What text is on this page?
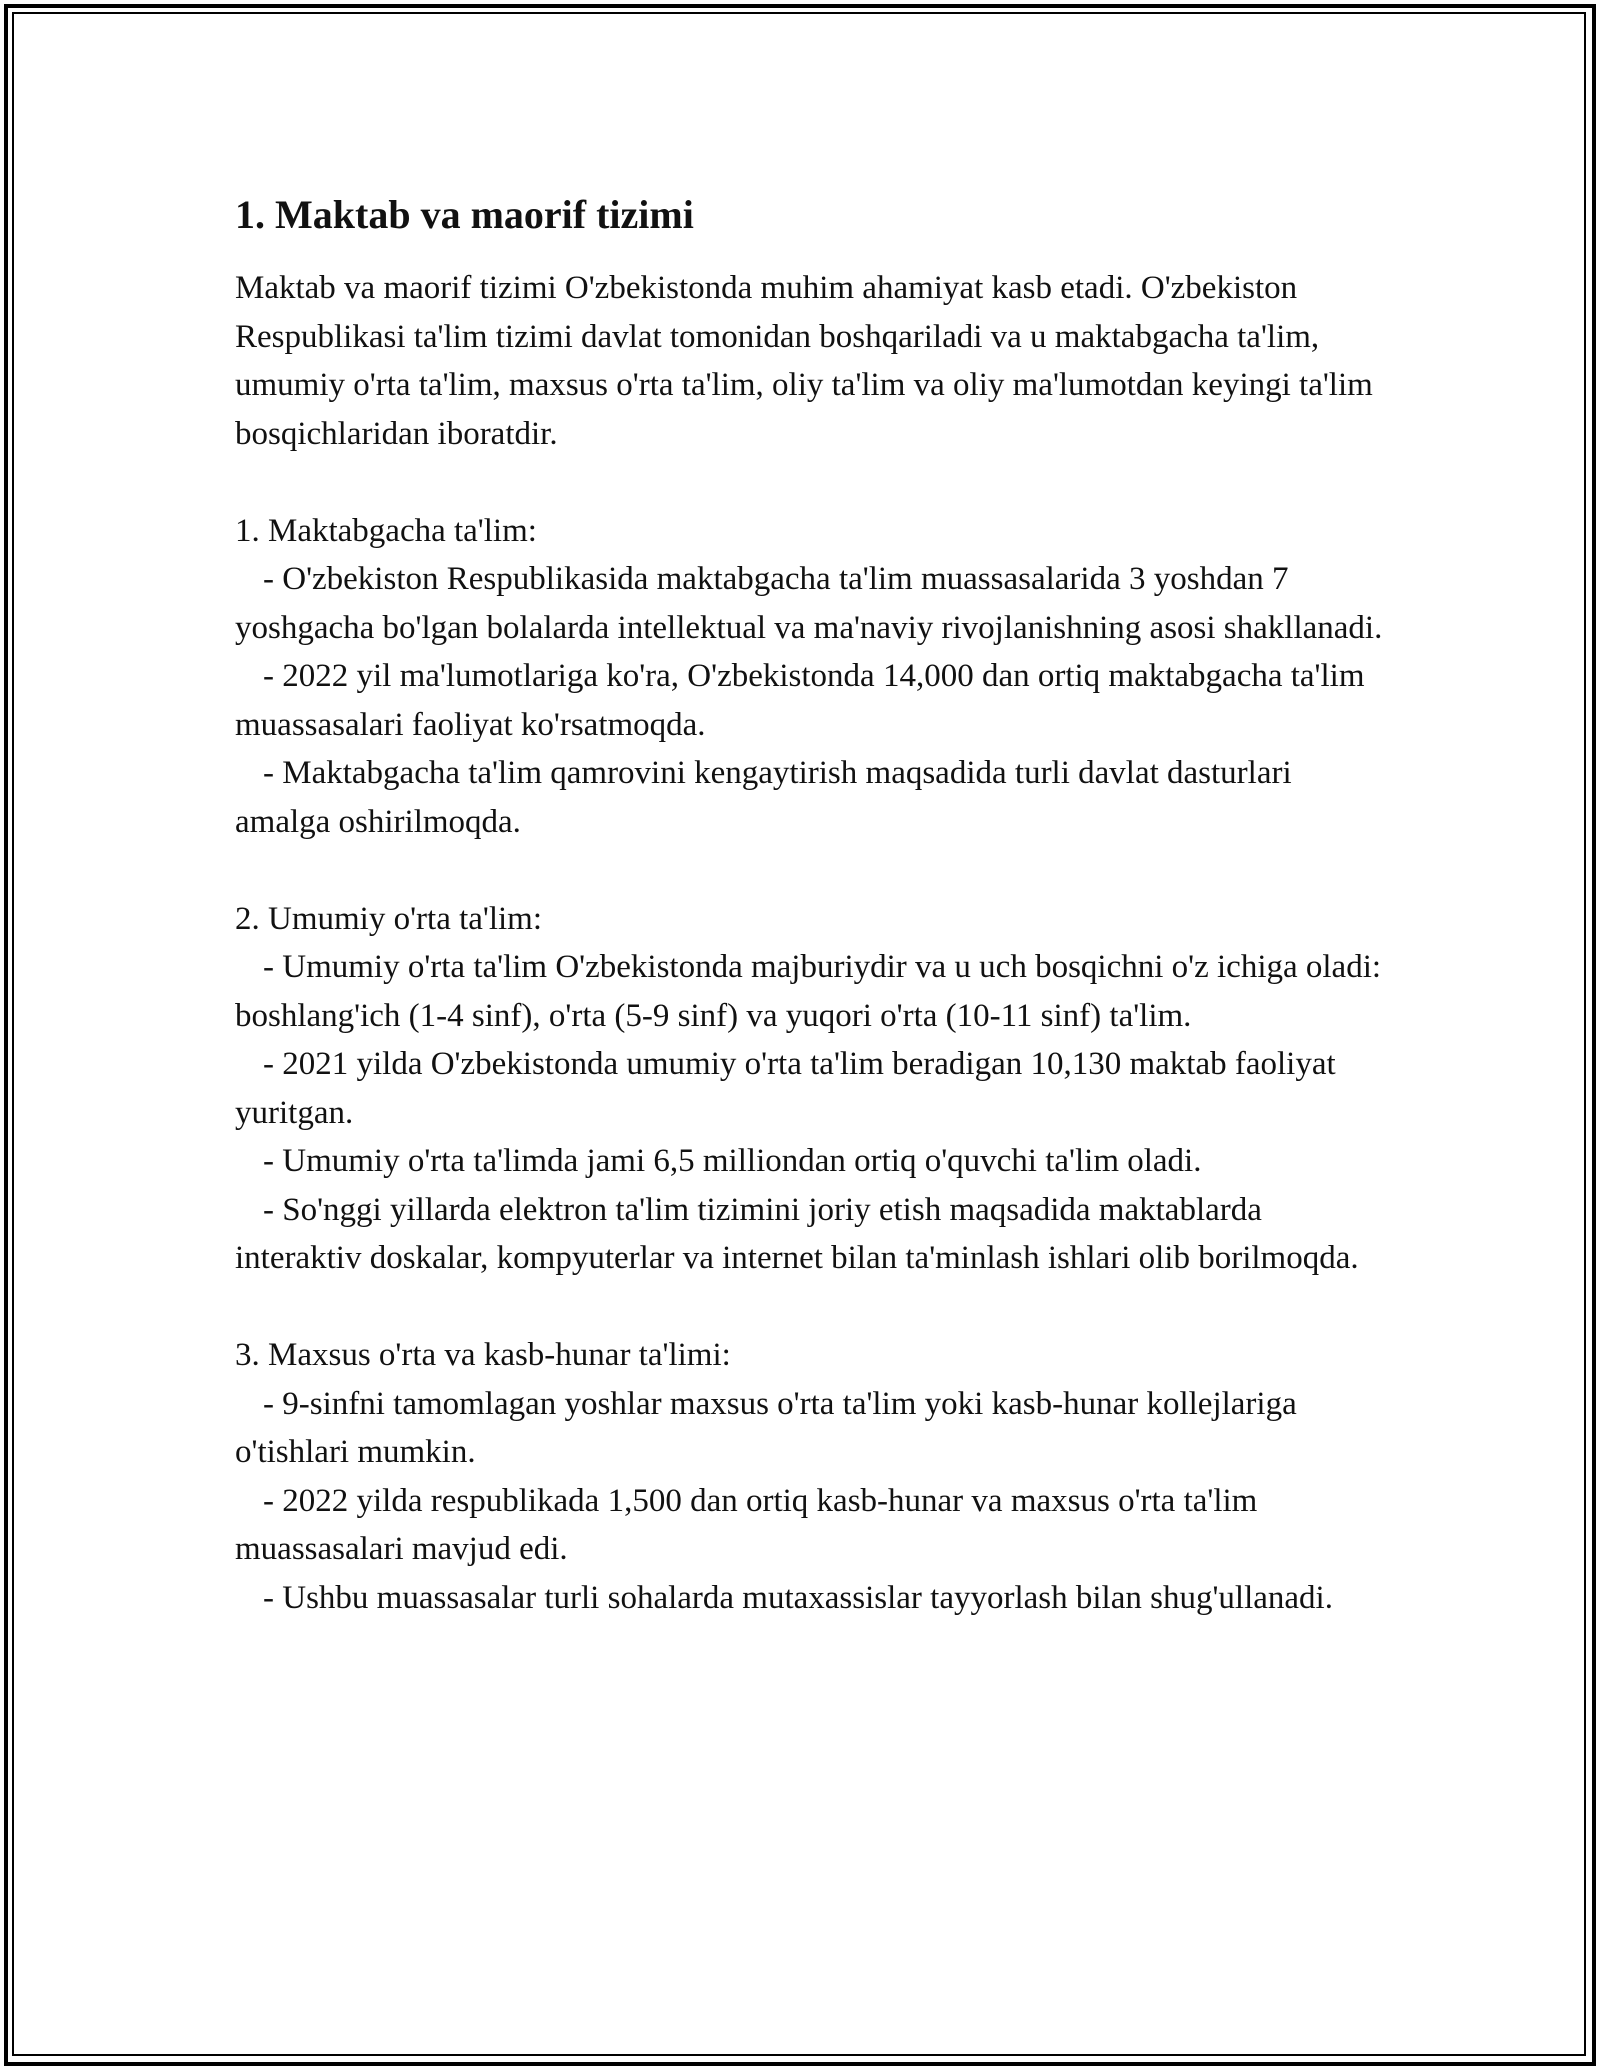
1. Maktab va maorif tizimi

Maktab va maorif tizimi O'zbekistonda muhim ahamiyat kasb etadi. O'zbekiston Respublikasi ta'lim tizimi davlat tomonidan boshqariladi va u maktabgacha ta'lim, umumiy o'rta ta'lim, maxsus o'rta ta'lim, oliy ta'lim va oliy ma'lumotdan keyingi ta'lim bosqichlaridan iboratdir.

1. Maktabgacha ta'lim:

- O'zbekiston Respublikasida maktabgacha ta'lim muassasalarida 3 yoshdan 7 yoshgacha bo'lgan bolalarda intellektual va ma'naviy rivojlanishning asosi shakllanadi.

- 2022 yil ma'lumotlariga ko'ra, O'zbekistonda 14,000 dan ortiq maktabgacha ta'lim muassasalari faoliyat ko'rsatmoqda.

- Maktabgacha ta'lim qamrovini kengaytirish maqsadida turli davlat dasturlari amalga oshirilmoqda.

2. Umumiy o'rta ta'lim:

- Umumiy o'rta ta'lim O'zbekistonda majburiydir va u uch bosqichni o'z ichiga oladi: boshlang'ich (1-4 sinf), o'rta (5-9 sinf) va yuqori o'rta (10-11 sinf) ta'lim.

- 2021 yilda O'zbekistonda umumiy o'rta ta'lim beradigan 10,130 maktab faoliyat yuritgan.

- Umumiy o'rta ta'limda jami 6,5 milliondan ortiq o'quvchi ta'lim oladi.

- So'nggi yillarda elektron ta'lim tizimini joriy etish maqsadida maktablarda interaktiv doskalar, kompyuterlar va internet bilan ta'minlash ishlari olib borilmoqda.

3. Maxsus o'rta va kasb-hunar ta'limi:

- 9-sinfni tamomlagan yoshlar maxsus o'rta ta'lim yoki kasb-hunar kollejlariga o'tishlari mumkin.

- 2022 yilda respublikada 1,500 dan ortiq kasb-hunar va maxsus o'rta ta'lim muassasalari mavjud edi.

- Ushbu muassasalar turli sohalarda mutaxassislar tayyorlash bilan shug'ullanadi.
